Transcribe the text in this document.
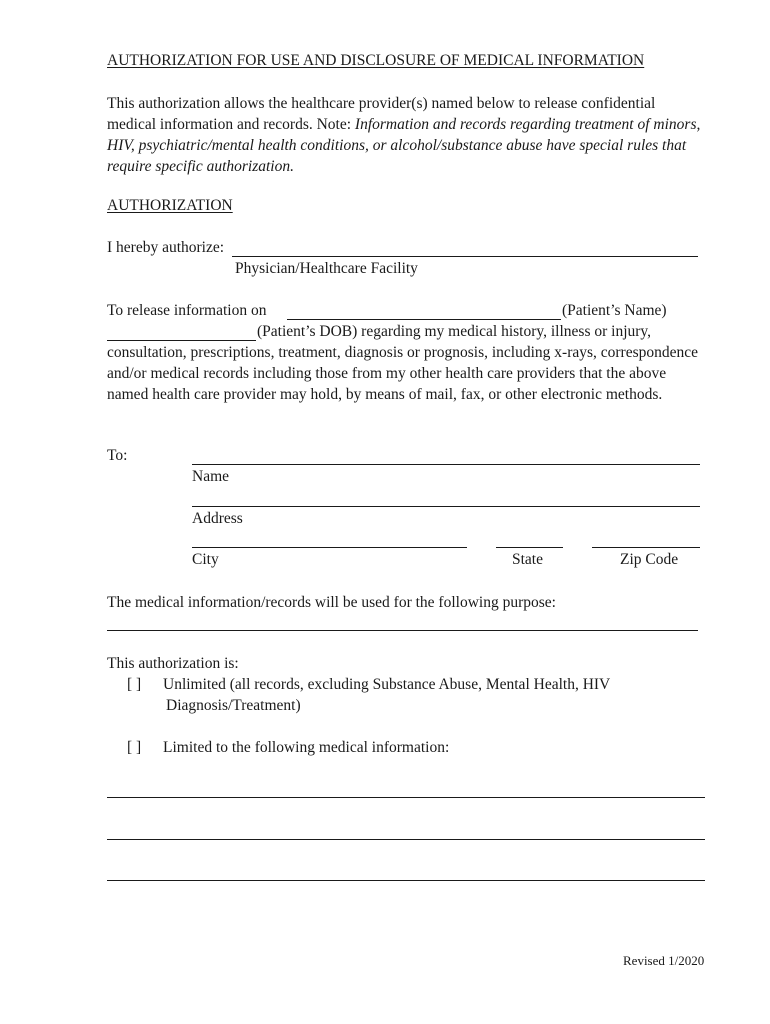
AUTHORIZATION FOR USE AND DISCLOSURE OF MEDICAL INFORMATION
This authorization allows the healthcare provider(s) named below to release confidential medical information and records. Note: Information and records regarding treatment of minors, HIV, psychiatric/mental health conditions, or alcohol/substance abuse have special rules that require specific authorization.
AUTHORIZATION
I hereby authorize:
Physician/Healthcare Facility
To release information on	(Patient’s Name)
(Patient’s DOB) regarding my medical history, illness or injury, consultation, prescriptions, treatment, diagnosis or prognosis, including x-rays, correspondence and/or medical records including those from my other health care providers that the above named health care provider may hold, by means of mail, fax, or other electronic methods.
To:
Name
Address
City	State	Zip Code
The medical information/records will be used for the following purpose:
This authorization is:
[ ] Unlimited (all records, excluding Substance Abuse, Mental Health, HIV
Diagnosis/Treatment)
[ ] Limited to the following medical information:
Revised 1/2020
